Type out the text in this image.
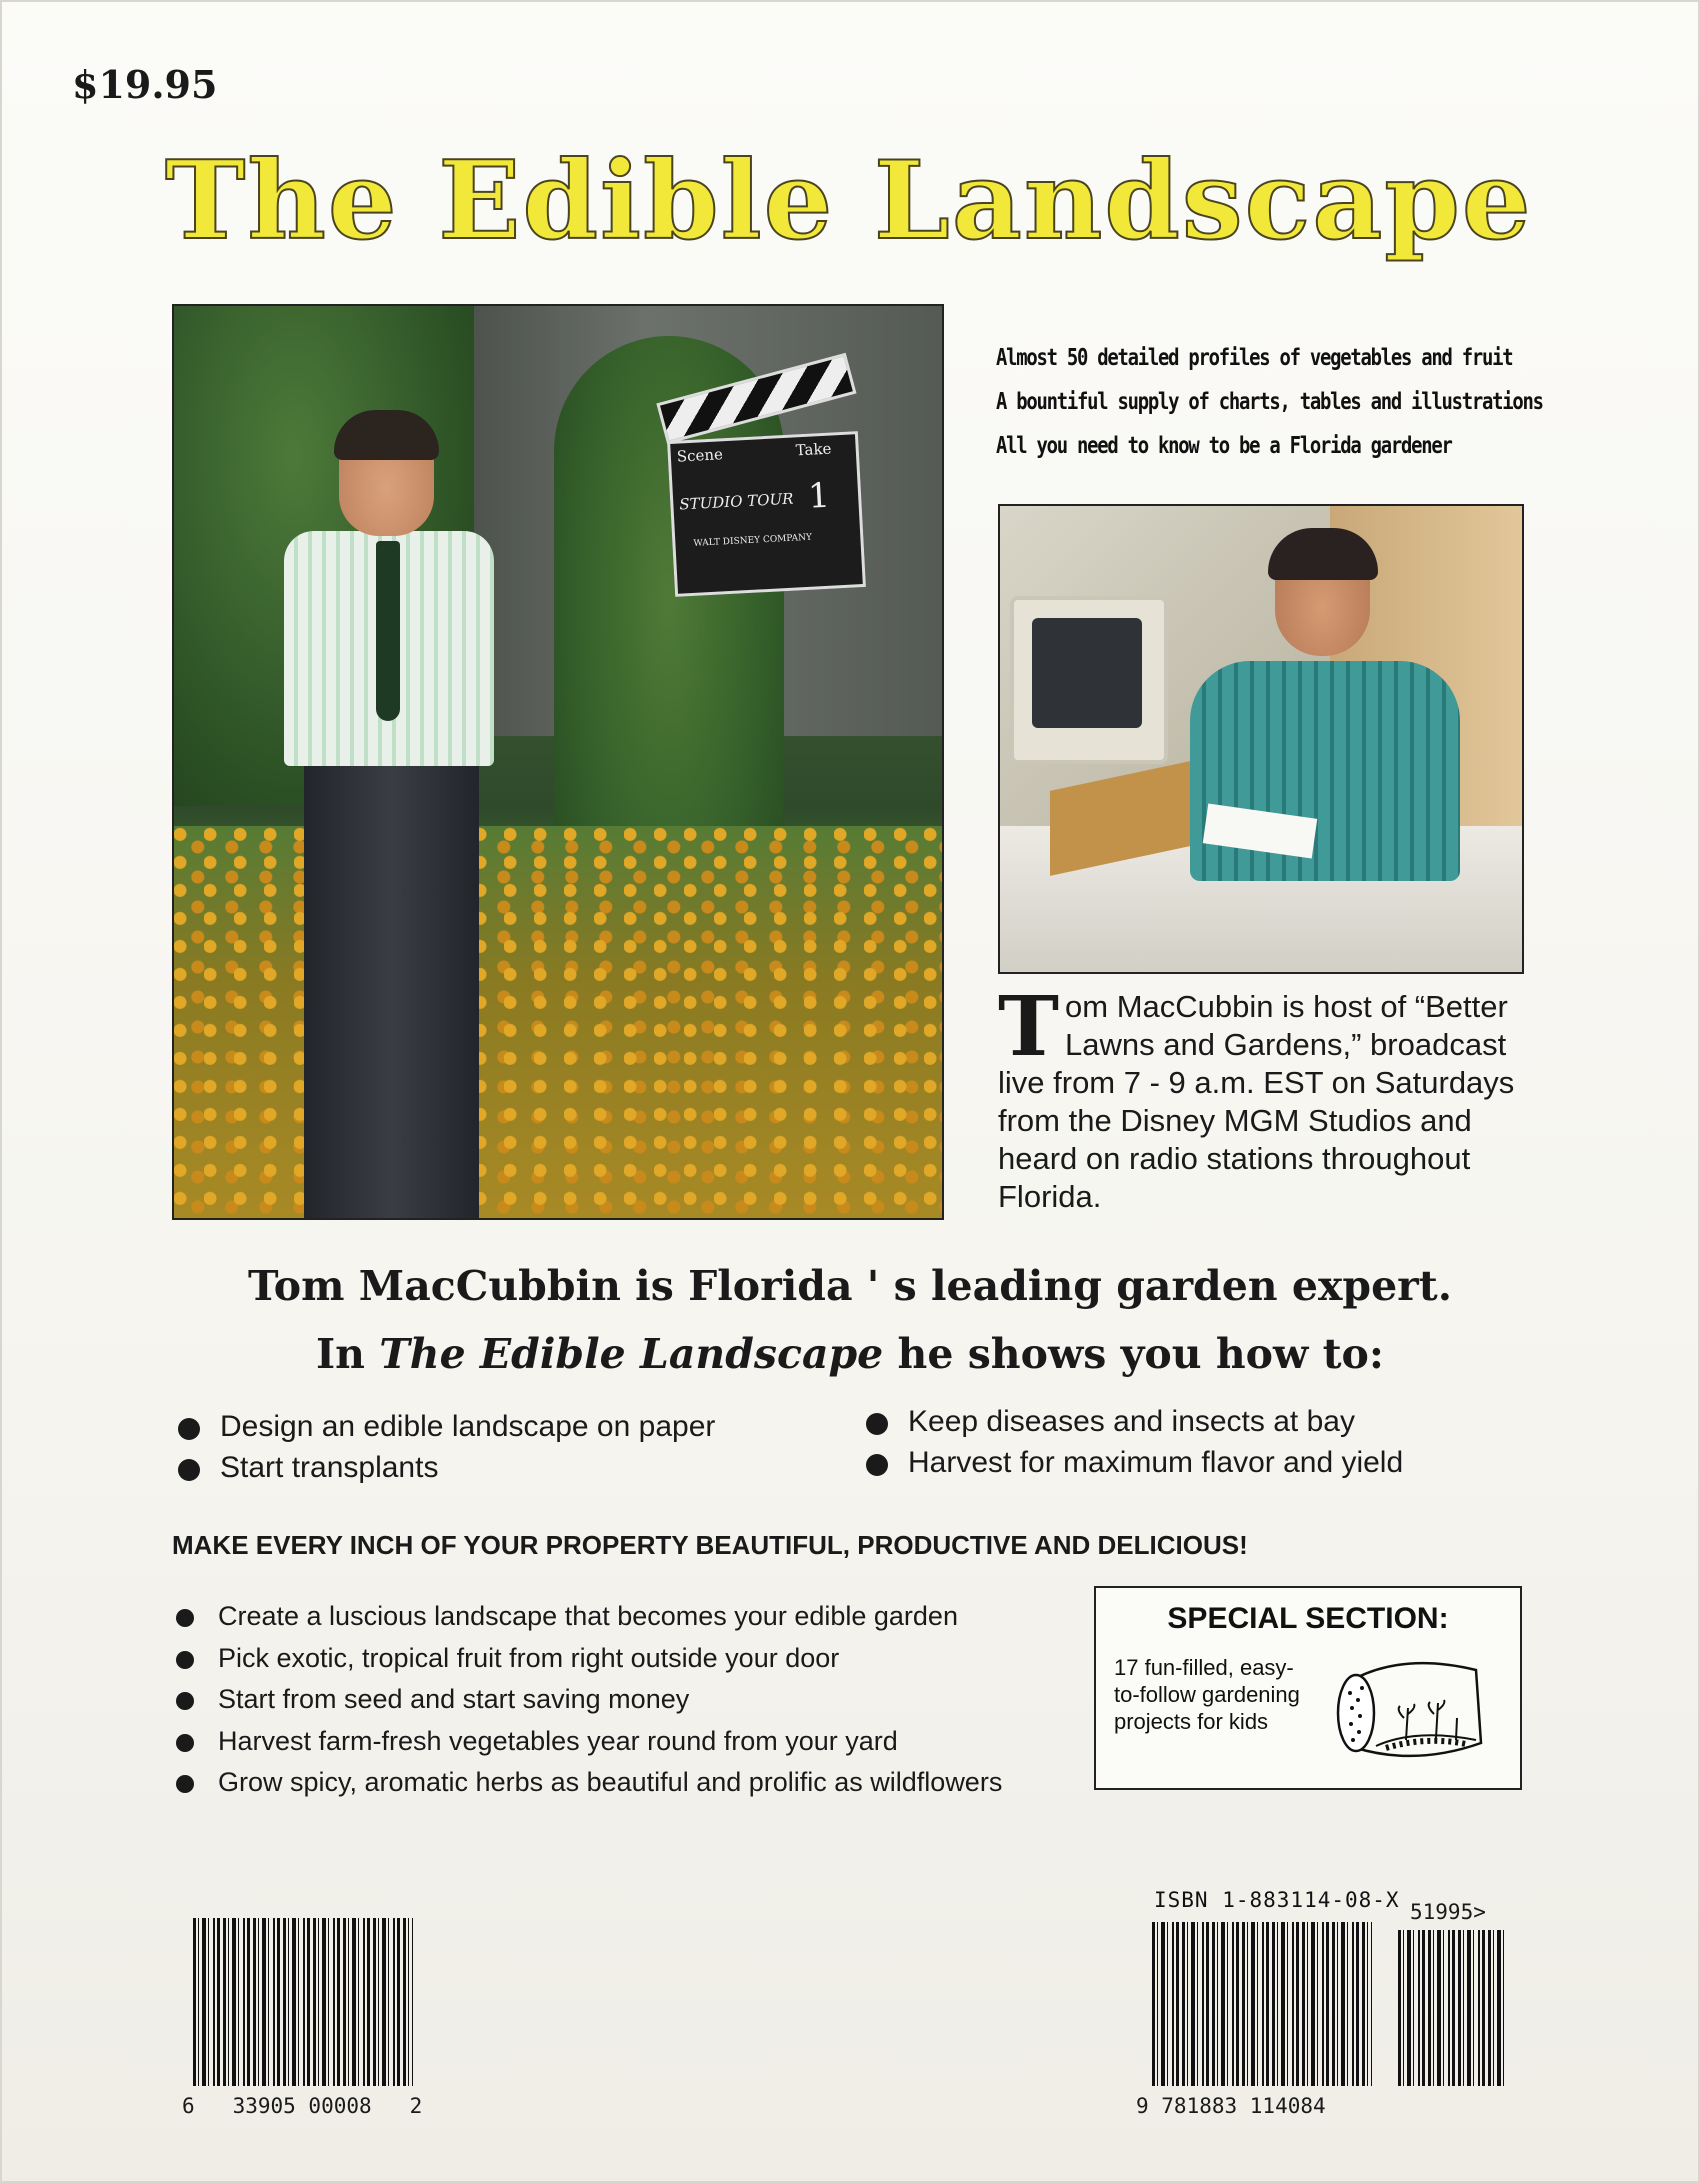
$19.95
The Edible Landscape
Scene	Take
STUDIO TOUR 1
WALT DISNEY COMPANY
Almost 50 detailed profiles of vegetables and fruit
A bountiful supply of charts, tables and illustrations
All you need to know to be a Florida gardener
Tom MacCubbin is host of “Better Lawns and Gardens,” broadcast live from 7 - 9 a.m. EST on Saturdays from the Disney MGM Studios and heard on radio stations throughout Florida.
Tom MacCubbin is Florida ' s leading garden expert.
In The Edible Landscape he shows you how to:
Design an edible landscape on paper
Start transplants
Keep diseases and insects at bay
Harvest for maximum flavor and yield
MAKE EVERY INCH OF YOUR PROPERTY BEAUTIFUL, PRODUCTIVE AND DELICIOUS!
Create a luscious landscape that becomes your edible garden
Pick exotic, tropical fruit from right outside your door
Start from seed and start saving money
Harvest farm-fresh vegetables year round from your yard
Grow spicy, aromatic herbs as beautiful and prolific as wildflowers
SPECIAL SECTION:
17 fun-filled, easy-to-follow gardening projects for kids
ISBN 1-883114-08-X
6   33905 00008   2	9 781883 114084
51995>
